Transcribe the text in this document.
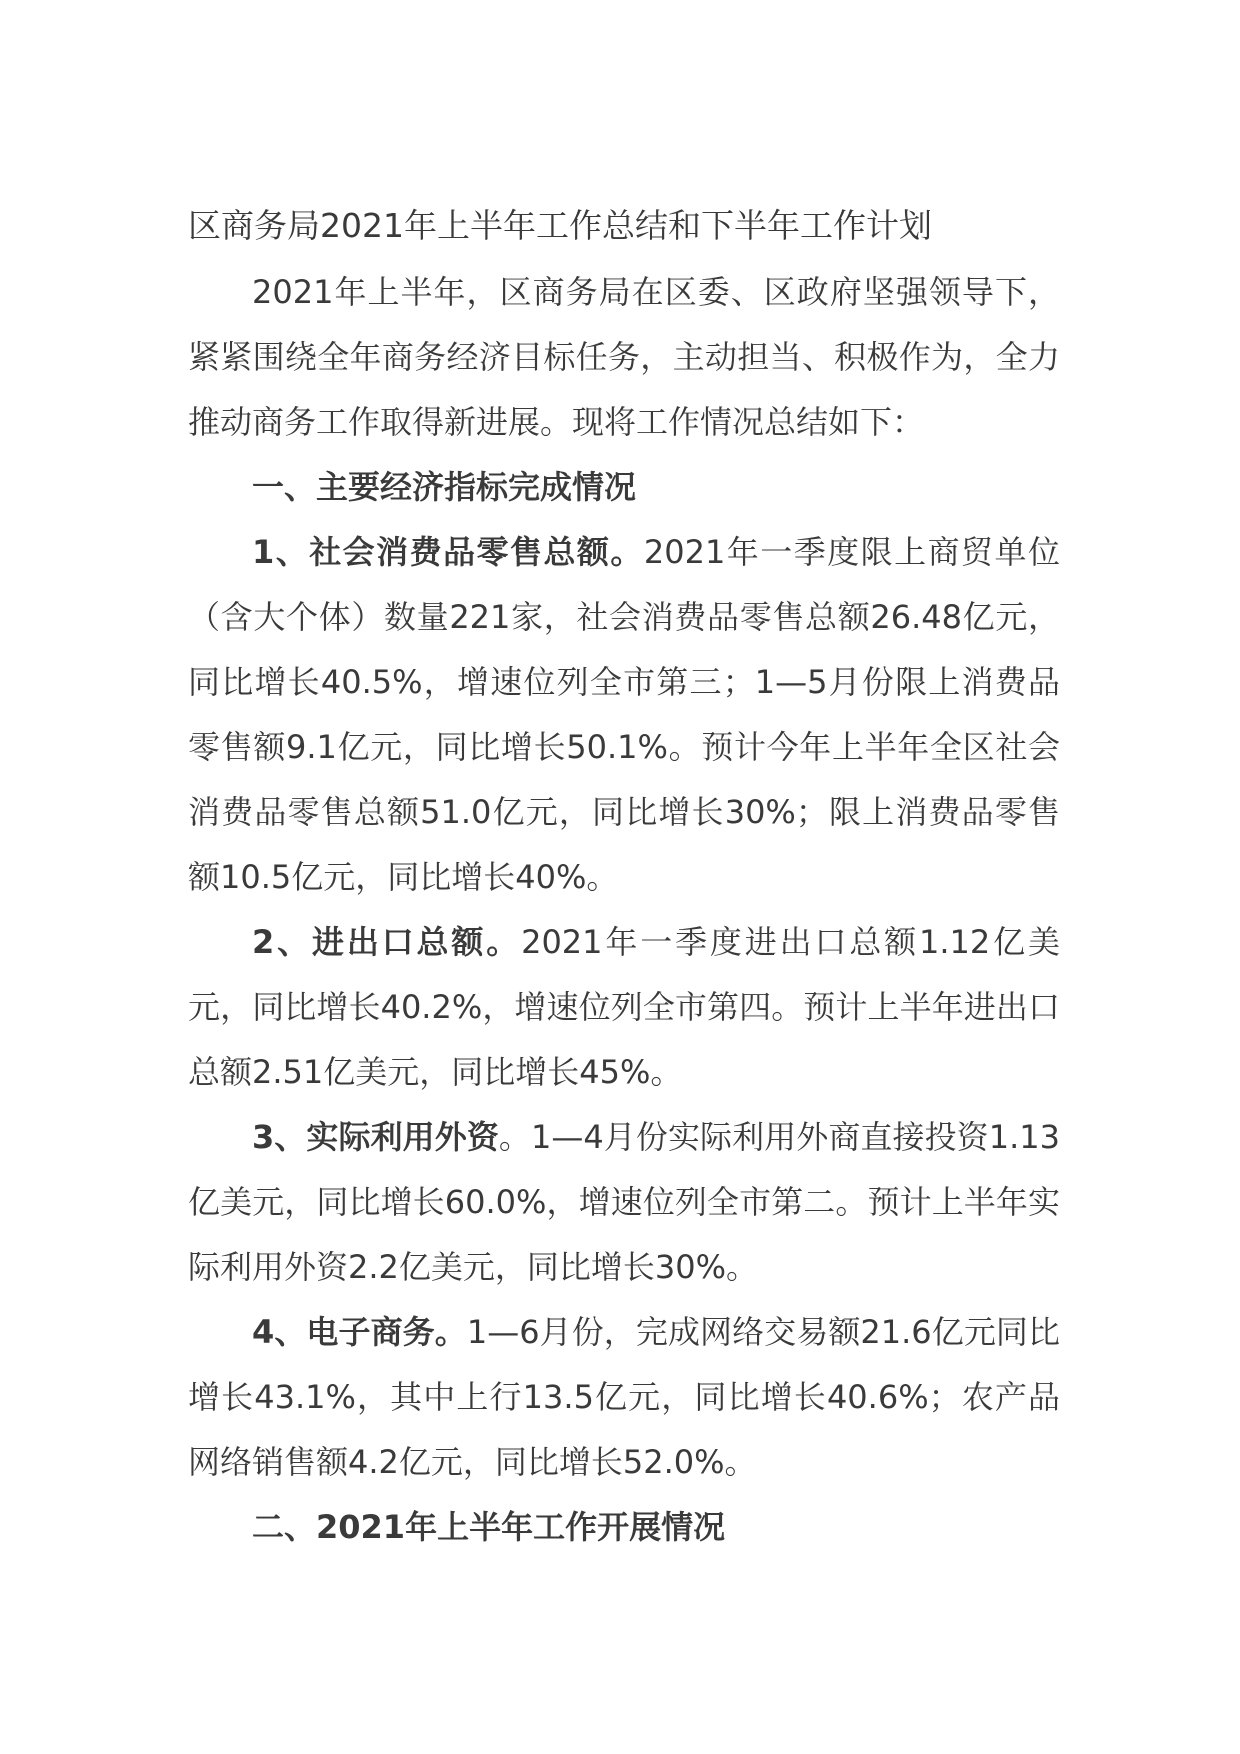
区商务局2021年上半年工作总结和下半年工作计划

2021年上半年，区商务局在区委、区政府坚强领导下，紧紧围绕全年商务经济目标任务，主动担当、积极作为，全力推动商务工作取得新进展。现将工作情况总结如下：

一、主要经济指标完成情况

1、社会消费品零售总额。2021年一季度限上商贸单位（含大个体）数量221家，社会消费品零售总额26.48亿元，同比增长40.5%，增速位列全市第三；1—5月份限上消费品零售额9.1亿元，同比增长50.1%。预计今年上半年全区社会消费品零售总额51.0亿元，同比增长30%；限上消费品零售额10.5亿元，同比增长40%。

2、进出口总额。2021年一季度进出口总额1.12亿美元，同比增长40.2%，增速位列全市第四。预计上半年进出口总额2.51亿美元，同比增长45%。

3、实际利用外资。1—4月份实际利用外商直接投资1.13亿美元，同比增长60.0%，增速位列全市第二。预计上半年实际利用外资2.2亿美元，同比增长30%。

4、电子商务。1—6月份，完成网络交易额21.6亿元同比增长43.1%，其中上行13.5亿元，同比增长40.6%；农产品网络销售额4.2亿元，同比增长52.0%。

二、2021年上半年工作开展情况
